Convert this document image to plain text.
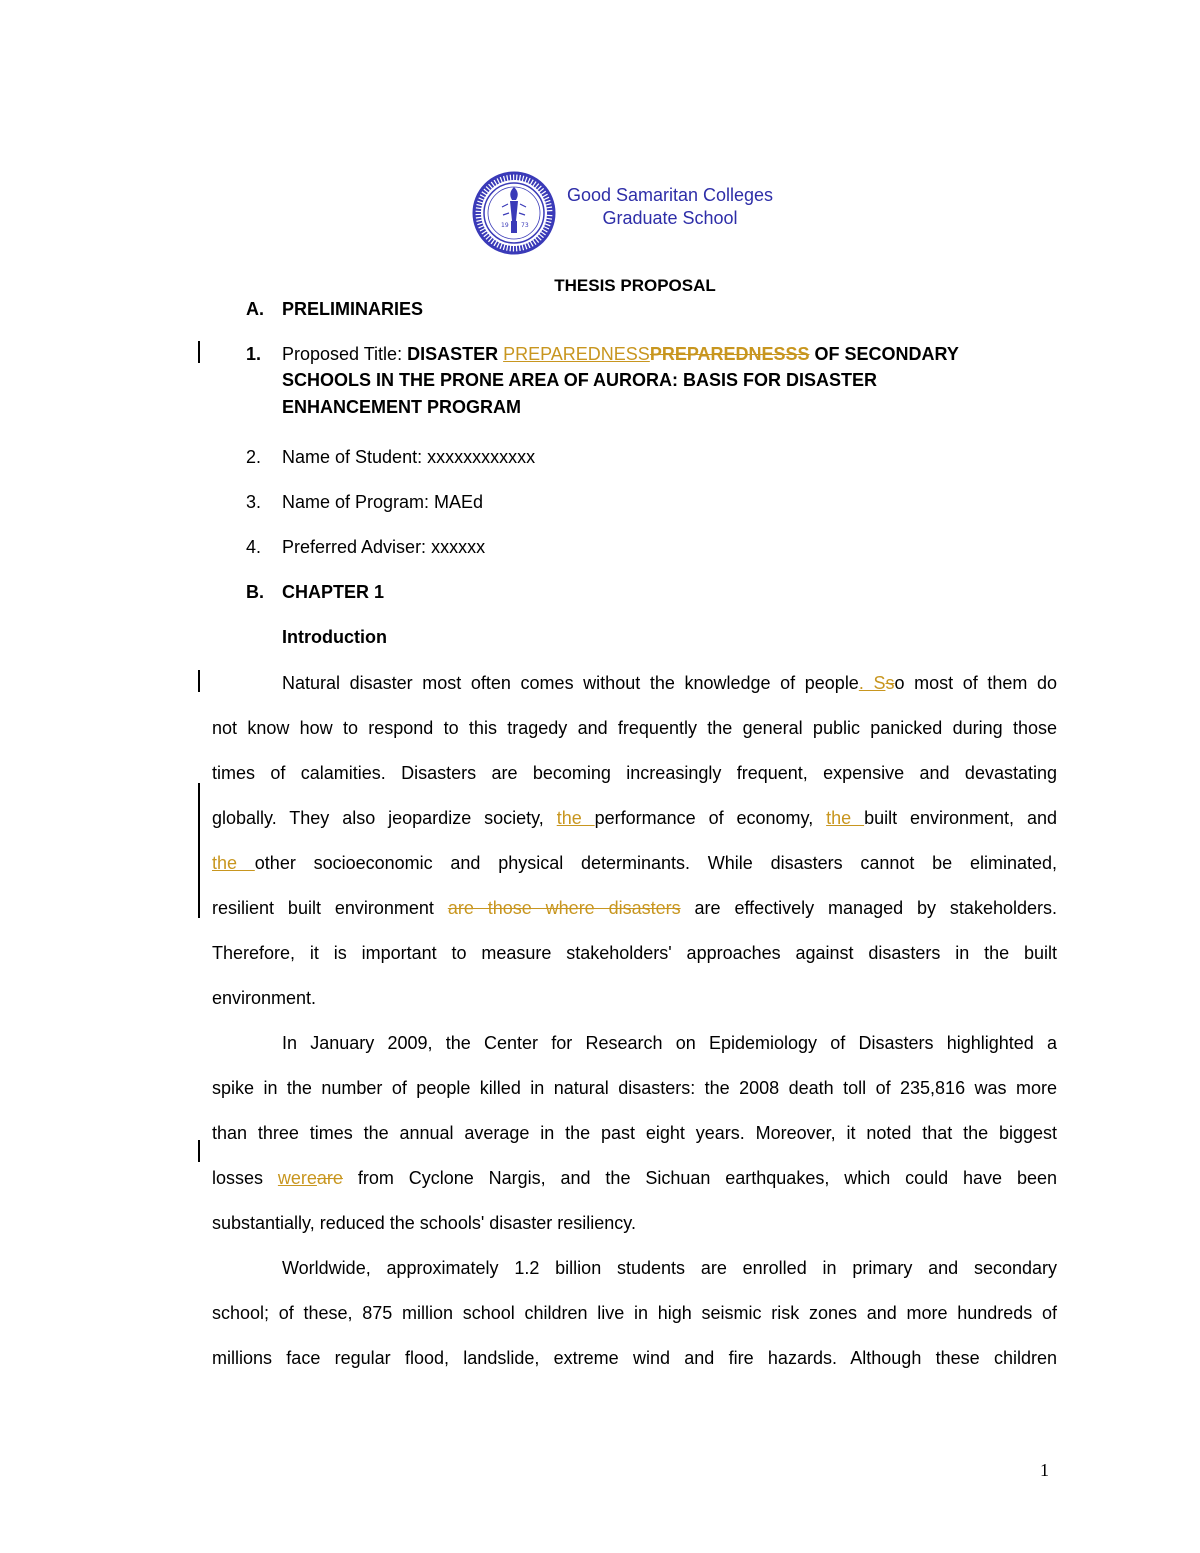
19 73
Good Samaritan Colleges
Graduate School
THESIS PROPOSAL
A. PRELIMINARIES
1. Proposed Title: DISASTER PREPAREDNESSPREPAREDNESSS OF SECONDARY
SCHOOLS IN THE PRONE AREA OF AURORA: BASIS FOR DISASTER
ENHANCEMENT PROGRAM
2. Name of Student: xxxxxxxxxxxx
3. Name of Program: MAEd
4. Preferred Adviser: xxxxxx
B. CHAPTER 1
Introduction
Natural disaster most often comes without the knowledge of people. Sso most of them do
not know how to respond to this tragedy and frequently the general public panicked during those
times of calamities. Disasters are becoming increasingly frequent, expensive and devastating
globally. They also jeopardize society, the performance of economy, the built environment, and
the other socioeconomic and physical determinants. While disasters cannot be eliminated,
resilient built environment are those where disasters are effectively managed by stakeholders.
Therefore, it is important to measure stakeholders' approaches against disasters in the built
environment.
In January 2009, the Center for Research on Epidemiology of Disasters highlighted a
spike in the number of people killed in natural disasters: the 2008 death toll of 235,816 was more
than three times the annual average in the past eight years. Moreover, it noted that the biggest
losses wereare from Cyclone Nargis, and the Sichuan earthquakes, which could have been
substantially, reduced the schools' disaster resiliency.
Worldwide, approximately 1.2 billion students are enrolled in primary and secondary
school; of these, 875 million school children live in high seismic risk zones and more hundreds of
millions face regular flood, landslide, extreme wind and fire hazards. Although these children
1
